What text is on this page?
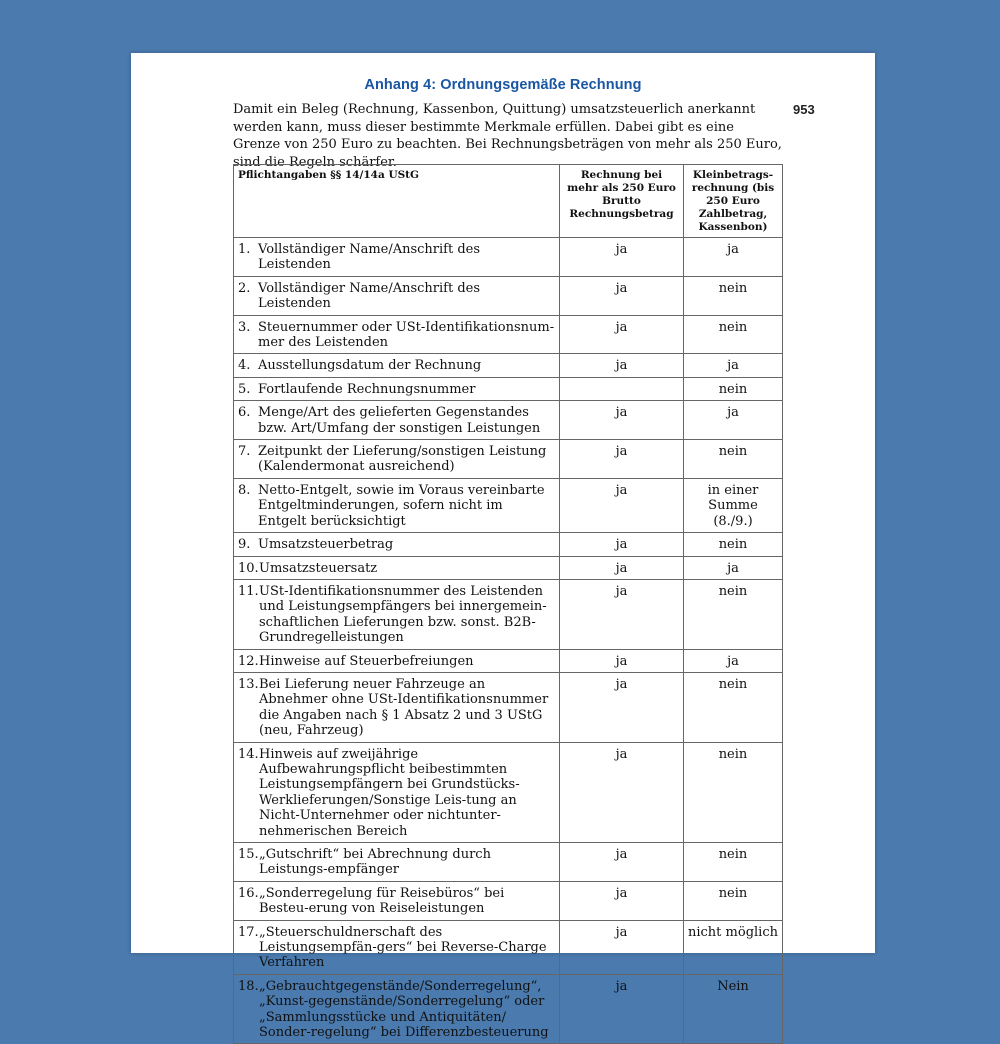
Anhang 4: Ordnungsgemäße Rechnung
953

Damit ein Beleg (Rechnung, Kassenbon, Quittung) umsatzsteuerlich anerkannt werden kann, muss dieser bestimmte Merkmale erfüllen. Dabei gibt es eine Grenze von 250 Euro zu beachten. Bei Rechnungsbeträgen von mehr als 250 Euro, sind die Regeln schärfer.

Pflichtangaben §§ 14/14a UStG	Rechnung bei mehr als 250 Euro Brutto Rechnungsbetrag	Kleinbetrags-rechnung (bis 250 Euro Zahlbetrag, Kassenbon)

1. Vollständiger Name/Anschrift des Leistenden	ja	ja

2. Vollständiger Name/Anschrift des Leistenden	ja	nein

3. Steuernummer oder USt-Identifikationsnum-mer des Leistenden	ja	nein

4. Ausstellungsdatum der Rechnung	ja	ja

5. Fortlaufende Rechnungsnummer		nein

6. Menge/Art des gelieferten Gegenstandes bzw. Art/Umfang der sonstigen Leistungen	ja	ja

7. Zeitpunkt der Lieferung/sonstigen Leistung (Kalendermonat ausreichend)	ja	nein

8. Netto-Entgelt, sowie im Voraus vereinbarte Entgeltminderungen, sofern nicht im Entgelt berücksichtigt	ja	in einer Summe (8./9.)

9. Umsatzsteuerbetrag	ja	nein

10. Umsatzsteuersatz	ja	ja

11. USt-Identifikationsnummer des Leistenden und Leistungsempfängers bei innergemein-schaftlichen Lieferungen bzw. sonst. B2B-Grundregelleistungen	ja	nein

12. Hinweise auf Steuerbefreiungen	ja	ja

13. Bei Lieferung neuer Fahrzeuge an Abnehmer ohne USt-Identifikationsnummer die Angaben nach § 1 Absatz 2 und 3 UStG (neu, Fahrzeug)	ja	nein

14. Hinweis auf zweijährige Aufbewahrungspflicht beibestimmten Leistungsempfängern bei Grundstücks-Werklieferungen/Sonstige Leis-tung an Nicht-Unternehmer oder nichtunter-nehmerischen Bereich	ja	nein

15. „Gutschrift“ bei Abrechnung durch Leistungs-empfänger	ja	nein

16. „Sonderregelung für Reisebüros“ bei Besteu-erung von Reiseleistungen	ja	nein

17. „Steuerschuldnerschaft des Leistungsempfän-gers“ bei Reverse-Charge Verfahren	ja	nicht möglich

18. „Gebrauchtgegenstände/Sonderregelung“, „Kunst-gegenstände/Sonderregelung“ oder „Sammlungsstücke und Antiquitäten/ Sonder-regelung“ bei Differenzbesteuerung	ja	Nein
